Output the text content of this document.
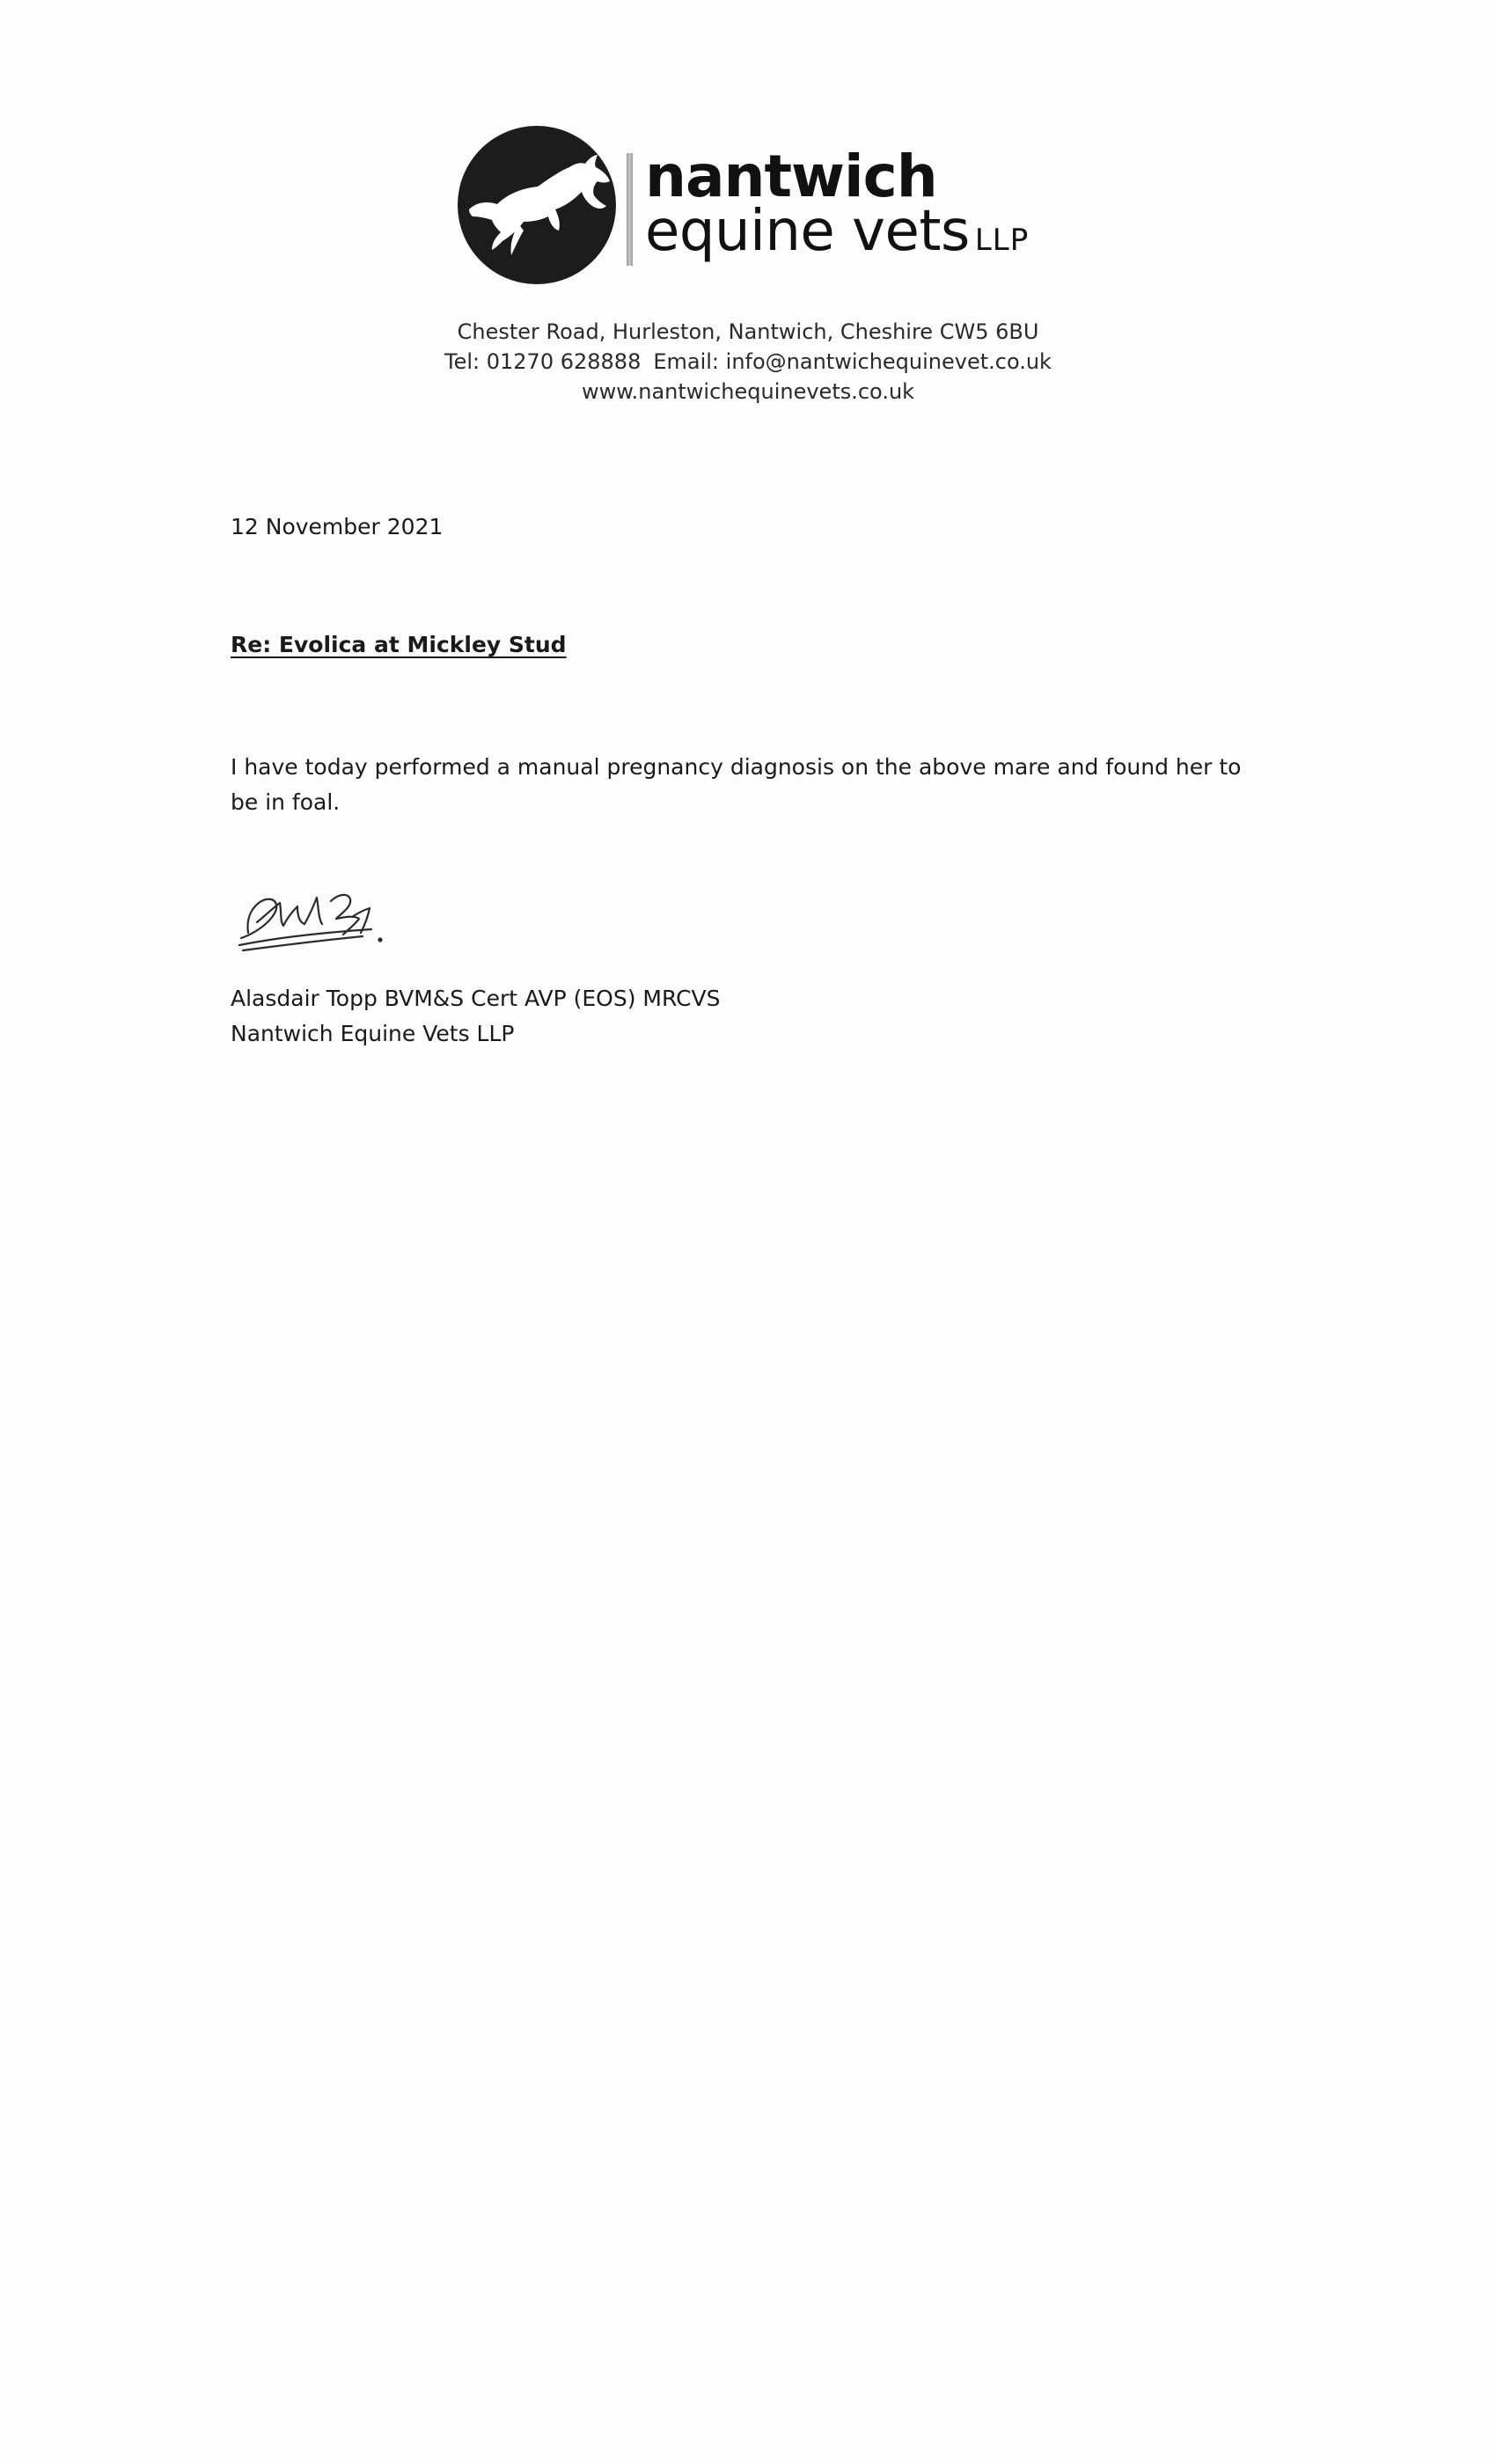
nantwich
equine vets LLP
Chester Road, Hurleston, Nantwich, Cheshire CW5 6BU
Tel: 01270 628888 Email: info@nantwichequinevet.co.uk
www.nantwichequinevets.co.uk
12 November 2021
Re: Evolica at Mickley Stud
I have today performed a manual pregnancy diagnosis on the above mare and found her to be in foal.
Alasdair Topp BVM&S Cert AVP (EOS) MRCVS
Nantwich Equine Vets LLP
